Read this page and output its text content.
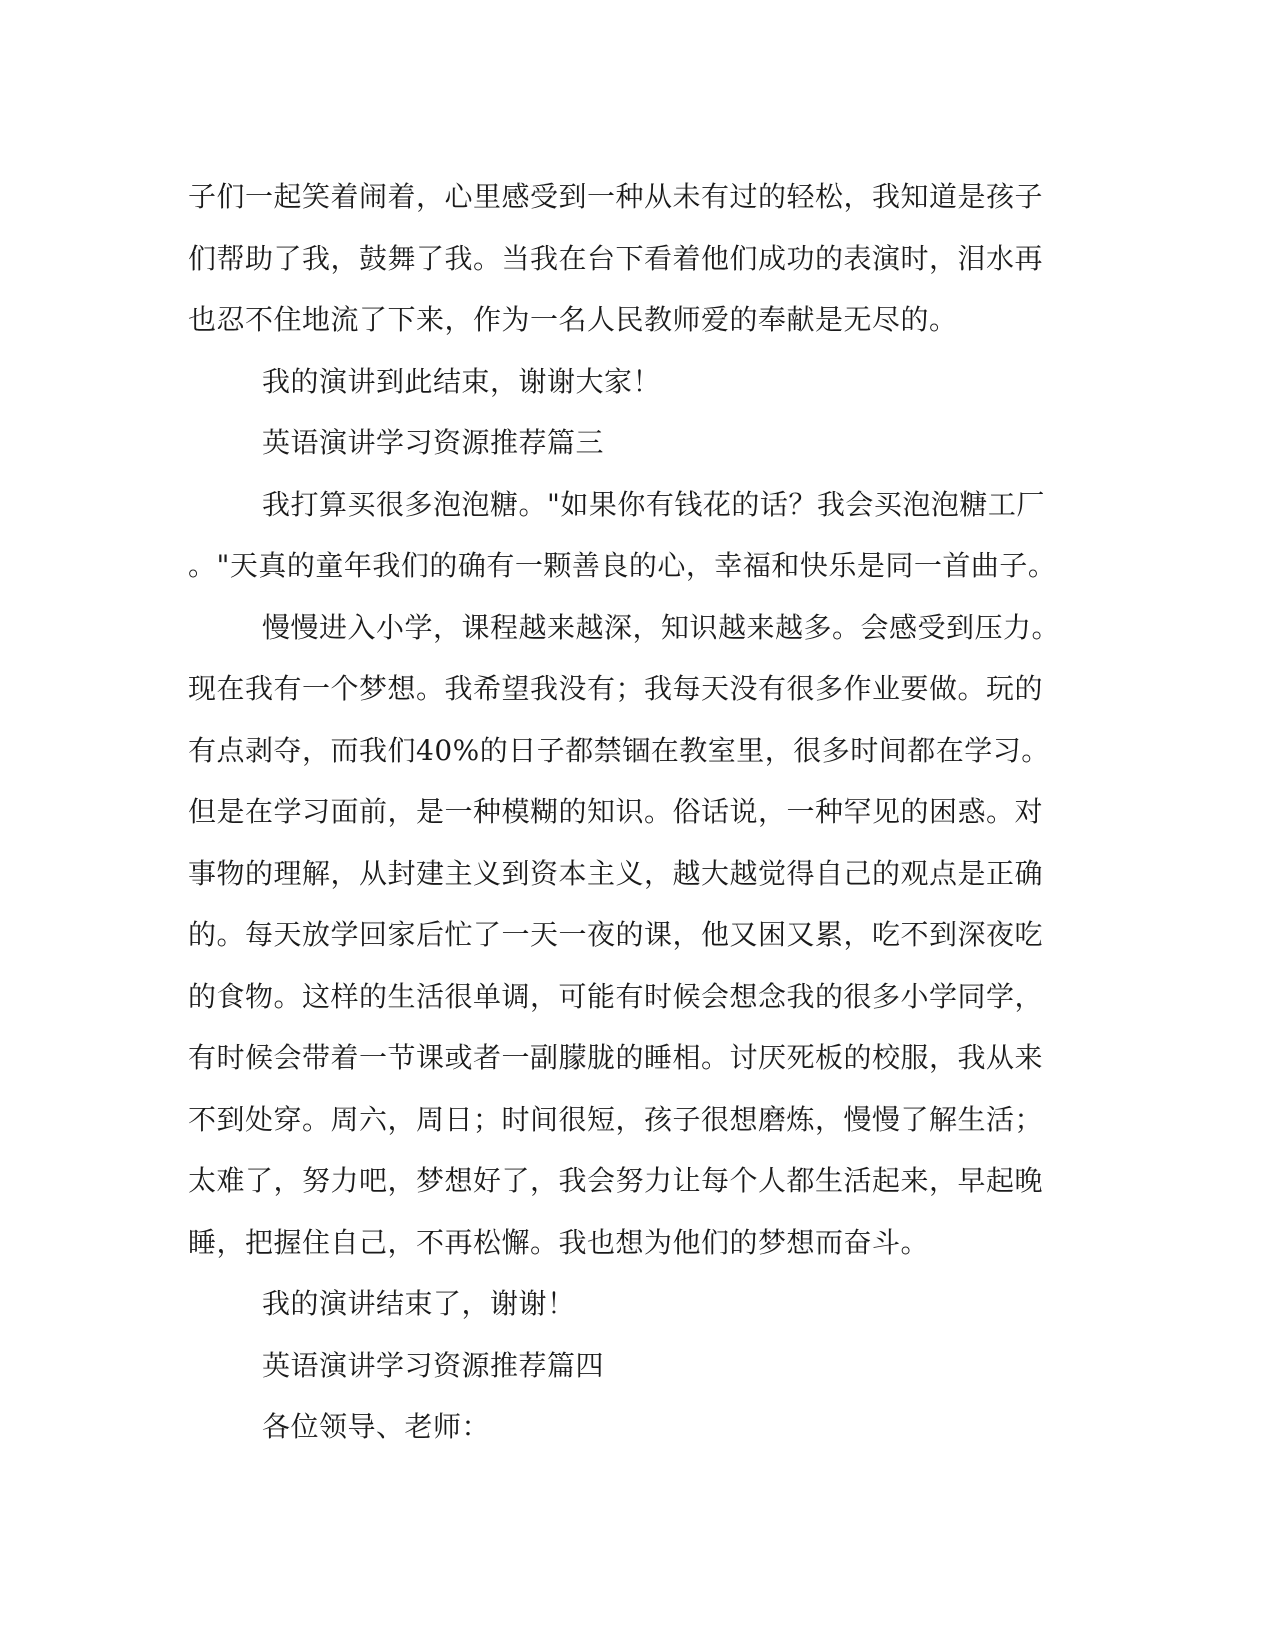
子们一起笑着闹着，心里感受到一种从未有过的轻松，我知道是孩子
们帮助了我，鼓舞了我。当我在台下看着他们成功的表演时，泪水再
也忍不住地流了下来，作为一名人民教师爱的奉献是无尽的。
我的演讲到此结束，谢谢大家！
英语演讲学习资源推荐篇三
我打算买很多泡泡糖。"如果你有钱花的话？我会买泡泡糖工厂
。"天真的童年我们的确有一颗善良的心，幸福和快乐是同一首曲子。
慢慢进入小学，课程越来越深，知识越来越多。会感受到压力。
现在我有一个梦想。我希望我没有；我每天没有很多作业要做。玩的
有点剥夺，而我们40%的日子都禁锢在教室里，很多时间都在学习。
但是在学习面前，是一种模糊的知识。俗话说，一种罕见的困惑。对
事物的理解，从封建主义到资本主义，越大越觉得自己的观点是正确
的。每天放学回家后忙了一天一夜的课，他又困又累，吃不到深夜吃
的食物。这样的生活很单调，可能有时候会想念我的很多小学同学，
有时候会带着一节课或者一副朦胧的睡相。讨厌死板的校服，我从来
不到处穿。周六，周日；时间很短，孩子很想磨炼，慢慢了解生活；
太难了，努力吧，梦想好了，我会努力让每个人都生活起来，早起晚
睡，把握住自己，不再松懈。我也想为他们的梦想而奋斗。
我的演讲结束了，谢谢！
英语演讲学习资源推荐篇四
各位领导、老师：
